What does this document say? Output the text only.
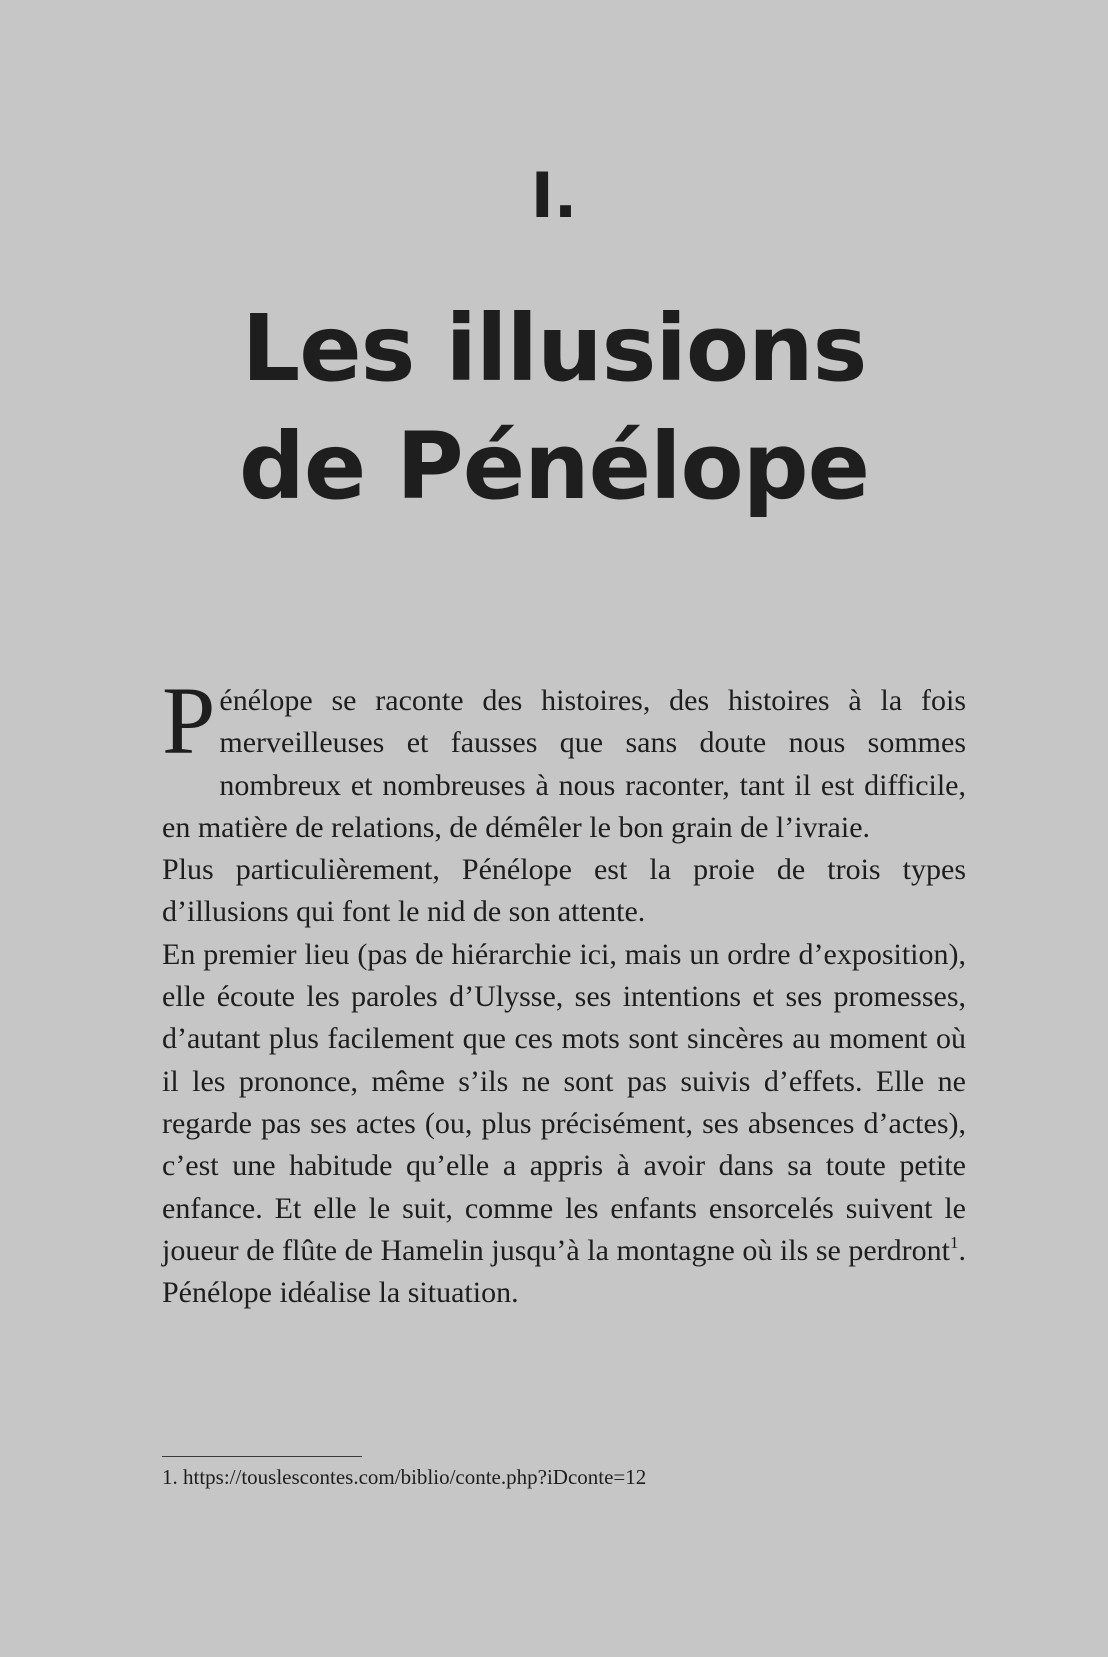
I.
Les illusions
de Pénélope

Pénélope se raconte des histoires, des histoires à la fois merveilleuses et fausses que sans doute nous sommes nombreux et nombreuses à nous raconter, tant il est difficile, en matière de relations, de démêler le bon grain de l’ivraie.

Plus particulièrement, Pénélope est la proie de trois types d’illusions qui font le nid de son attente.

En premier lieu (pas de hiérarchie ici, mais un ordre d’exposition), elle écoute les paroles d’Ulysse, ses intentions et ses promesses, d’autant plus facilement que ces mots sont sincères au moment où il les prononce, même s’ils ne sont pas suivis d’effets. Elle ne regarde pas ses actes (ou, plus précisément, ses absences d’actes), c’est une habitude qu’elle a appris à avoir dans sa toute petite enfance. Et elle le suit, comme les enfants ensorcelés suivent le joueur de flûte de Hamelin jusqu’à la montagne où ils se perdront$^1$. Pénélope idéalise la situation.

1. https://touslescontes.com/biblio/conte.php?iDconte=12
